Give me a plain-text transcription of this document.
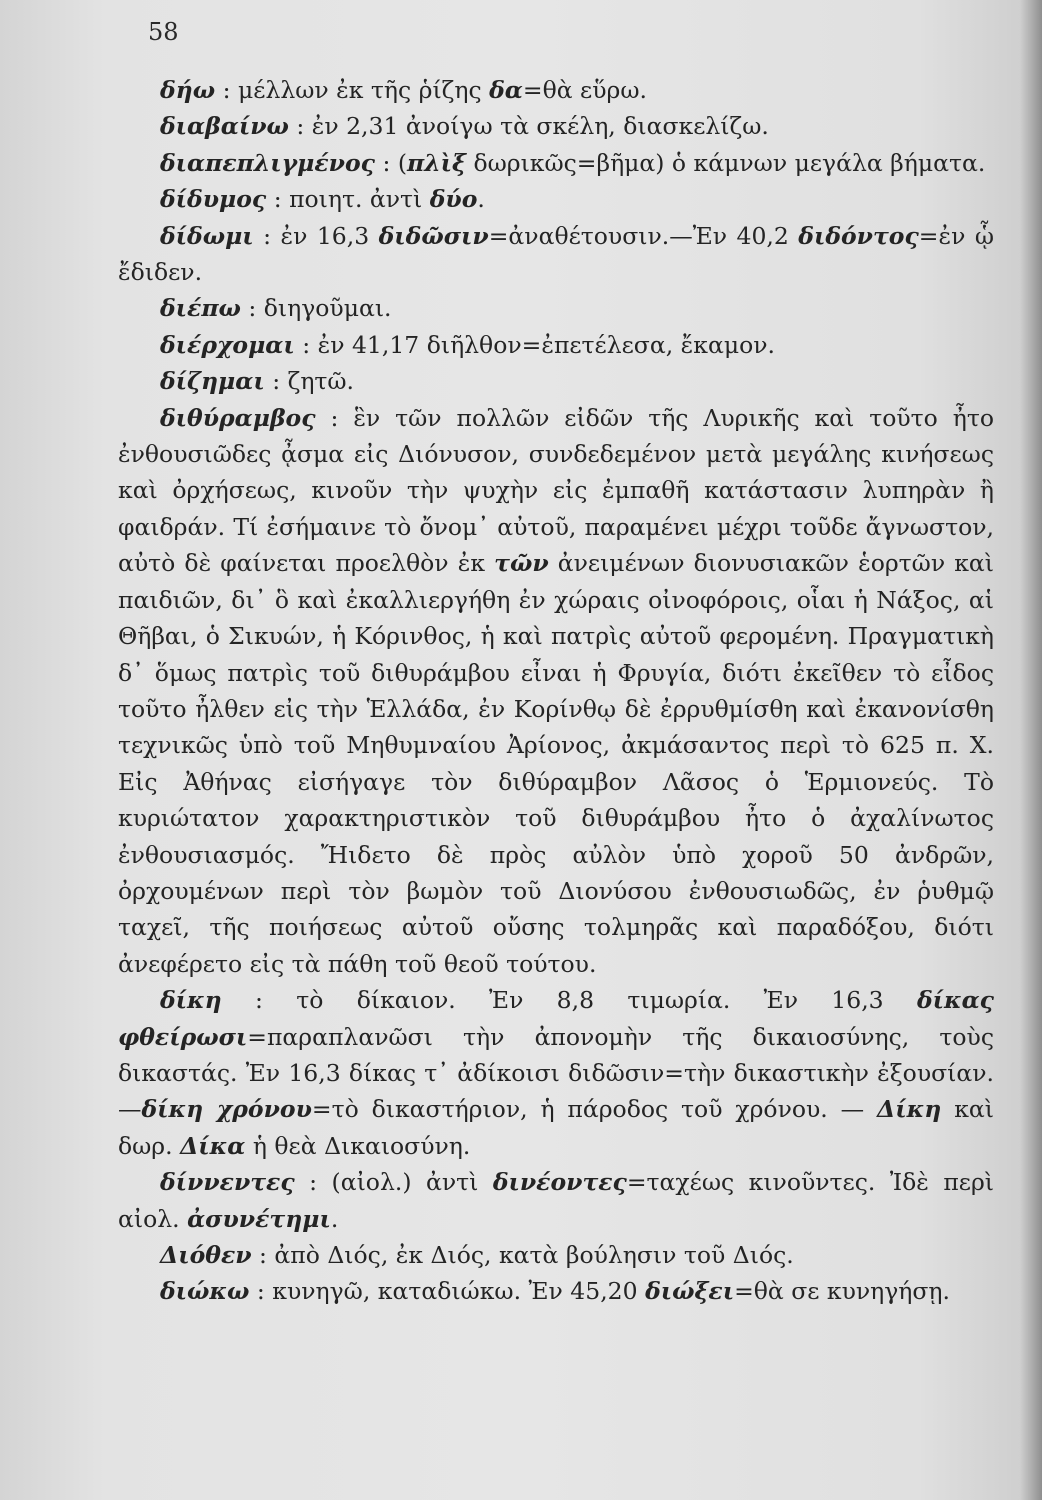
58

δήω : μέλλων ἐκ τῆς ῥίζης δα=θὰ εὕρω.

διαβαίνω : ἐν 2,31 ἀνοίγω τὰ σκέλη, διασκελίζω.

διαπεπλιγμένος : (πλὶξ δωρικῶς=βῆμα) ὁ κάμνων μεγάλα βήματα.

δίδυμος : ποιητ. ἀντὶ δύο.

δίδωμι : ἐν 16,3 διδῶσιν=ἀναθέτουσιν.—Ἐν 40,2 διδόντος=ἐν ᾧ ἔδιδεν.

διέπω : διηγοῦμαι.

διέρχομαι : ἐν 41,17 διῆλθον=ἐπετέλεσα, ἔκαμον.

δίζημαι : ζητῶ.

διθύραμβος : ἓν τῶν πολλῶν εἰδῶν τῆς Λυρικῆς καὶ τοῦτο ἦτο ἐνθουσιῶδες ᾆσμα εἰς Διόνυσον, συνδεδεμένον μετὰ μεγάλης κινήσεως καὶ ὀρχήσεως, κινοῦν τὴν ψυχὴν εἰς ἐμπαθῆ κατάστασιν λυπηρὰν ἢ φαιδράν. Τί ἐσήμαινε τὸ ὄνομ᾽ αὐτοῦ, παραμένει μέχρι τοῦδε ἄγνωστον, αὐτὸ δὲ φαίνεται προελθὸν ἐκ τῶν ἀνειμένων διονυσιακῶν ἑορτῶν καὶ παιδιῶν, δι᾽ ὃ καὶ ἐκαλλιεργήθη ἐν χώραις οἰνοφόροις, οἷαι ἡ Νάξος, αἱ Θῆβαι, ὁ Σικυών, ἡ Κόρινθος, ἡ καὶ πατρὶς αὐτοῦ φερομένη. Πραγματικὴ δ᾽ ὅμως πατρὶς τοῦ διθυράμβου εἶναι ἡ Φρυγία, διότι ἐκεῖθεν τὸ εἶδος τοῦτο ἦλθεν εἰς τὴν Ἑλλάδα, ἐν Κορίνθῳ δὲ ἐρρυθμίσθη καὶ ἐκανονίσθη τεχνικῶς ὑπὸ τοῦ Μηθυμναίου Ἀρίονος, ἀκμάσαντος περὶ τὸ 625 π. Χ. Εἰς Ἀθήνας εἰσήγαγε τὸν διθύραμβον Λᾶσος ὁ Ἑρμιονεύς. Τὸ κυριώτατον χαρακτηριστικὸν τοῦ διθυράμβου ἦτο ὁ ἀχαλίνωτος ἐνθουσιασμός. Ἤιδετο δὲ πρὸς αὐλὸν ὑπὸ χοροῦ 50 ἀνδρῶν, ὀρχουμένων περὶ τὸν βωμὸν τοῦ Διονύσου ἐνθουσιωδῶς, ἐν ῥυθμῷ ταχεῖ, τῆς ποιήσεως αὐτοῦ οὔσης τολμηρᾶς καὶ παραδόξου, διότι ἀνεφέρετο εἰς τὰ πάθη τοῦ θεοῦ τούτου.

δίκη : τὸ δίκαιον. Ἐν 8,8 τιμωρία. Ἐν 16,3 δίκας φθείρωσι=παραπλανῶσι τὴν ἀπονομὴν τῆς δικαιοσύνης, τοὺς δικαστάς. Ἐν 16,3 δίκας τ᾽ ἀδίκοισι διδῶσιν=τὴν δικαστικὴν ἐξουσίαν.—δίκη χρόνου=τὸ δικαστήριον, ἡ πάροδος τοῦ χρόνου. — Δίκη καὶ δωρ. Δίκα ἡ θεὰ Δικαιοσύνη.

δίννεντες : (αἰολ.) ἀντὶ δινέοντες=ταχέως κινοῦντες. Ἰδὲ περὶ αἰολ. ἀσυνέτημι.

Διόθεν : ἀπὸ Διός, ἐκ Διός, κατὰ βούλησιν τοῦ Διός.

διώκω : κυνηγῶ, καταδιώκω. Ἐν 45,20 διώξει=θὰ σε κυνηγήσῃ.
